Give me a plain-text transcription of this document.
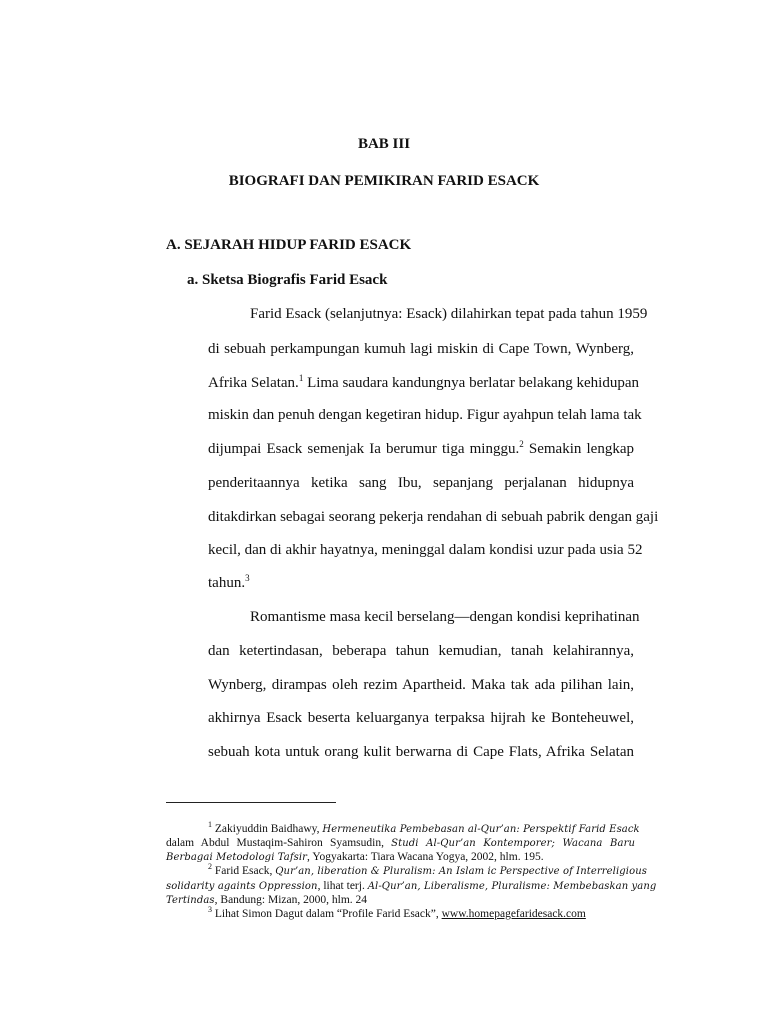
BAB III
BIOGRAFI DAN PEMIKIRAN FARID ESACK
A. SEJARAH HIDUP FARID ESACK
a. Sketsa Biografis Farid Esack
Farid Esack (selanjutnya: Esack) dilahirkan tepat pada tahun 1959
di sebuah perkampungan kumuh lagi miskin di Cape Town, Wynberg,
Afrika Selatan.$^1$ Lima saudara kandungnya berlatar belakang kehidupan
miskin dan penuh dengan kegetiran hidup. Figur ayahpun telah lama tak
dijumpai Esack semenjak Ia berumur tiga minggu.$^2$ Semakin lengkap
penderitaannya ketika sang Ibu, sepanjang perjalanan hidupnya
ditakdirkan sebagai seorang pekerja rendahan di sebuah pabrik dengan gaji
kecil, dan di akhir hayatnya, meninggal dalam kondisi uzur pada usia 52
tahun.$^3$
Romantisme masa kecil berselang—dengan kondisi keprihatinan
dan ketertindasan, beberapa tahun kemudian, tanah kelahirannya,
Wynberg, dirampas oleh rezim Apartheid. Maka tak ada pilihan lain,
akhirnya Esack beserta keluarganya terpaksa hijrah ke Bonteheuwel,
sebuah kota untuk orang kulit berwarna di Cape Flats, Afrika Selatan
$^1$ Zakiyuddin Baidhawy, Hermeneutika Pembebasan al-Qur’an: Perspektif Farid Esack
dalam Abdul Mustaqim-Sahiron Syamsudin, Studi Al-Qur’an Kontemporer; Wacana Baru
Berbagai Metodologi Tafsir, Yogyakarta: Tiara Wacana Yogya, 2002, hlm. 195.
$^2$ Farid Esack, Qur’an, liberation & Pluralism: An Islam ic Perspective of Interreligious
solidarity againts Oppression, lihat terj. Al-Qur’an, Liberalisme, Pluralisme: Membebaskan yang
Tertindas, Bandung: Mizan, 2000, hlm. 24
$^3$ Lihat Simon Dagut dalam “Profile Farid Esack”, www.homepagefaridesack.com
